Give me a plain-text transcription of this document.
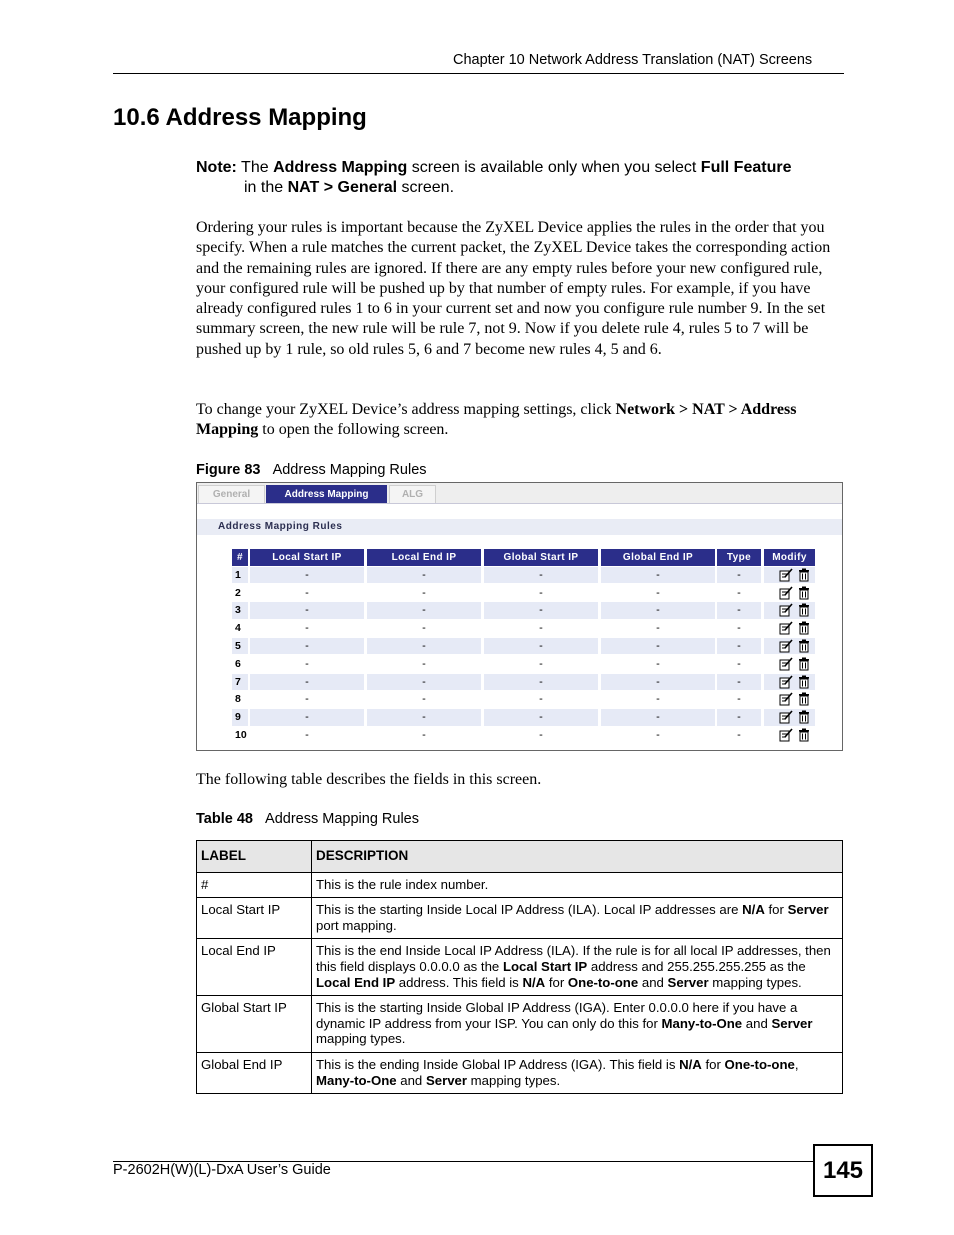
Chapter 10 Network Address Translation (NAT) Screens
10.6 Address Mapping
Note: The Address Mapping screen is available only when you select Full Feature
in the NAT > General screen.
Ordering your rules is important because the ZyXEL Device applies the rules in the order that you specify. When a rule matches the current packet, the ZyXEL Device takes the corresponding action and the remaining rules are ignored. If there are any empty rules before your new configured rule, your configured rule will be pushed up by that number of empty rules. For example, if you have already configured rules 1 to 6 in your current set and now you configure rule number 9. In the set summary screen, the new rule will be rule 7, not 9. Now if you delete rule 4, rules 5 to 7 will be pushed up by 1 rule, so old rules 5, 6 and 7 become new rules 4, 5 and 6.
To change your ZyXEL Device’s address mapping settings, click Network > NAT > Address Mapping to open the following screen.
Figure 83 Address Mapping Rules
General	Address Mapping	ALG
Address Mapping Rules
#	Local Start IP	Local End IP	Global Start IP	Global End IP	Type	Modify
1	-	-	-	-	-
2	-	-	-	-	-
3	-	-	-	-	-
4	-	-	-	-	-
5	-	-	-	-	-
6	-	-	-	-	-
7	-	-	-	-	-
8	-	-	-	-	-
9	-	-	-	-	-
10	-	-	-	-	-
The following table describes the fields in this screen.
Table 48 Address Mapping Rules
LABEL	DESCRIPTION
#	This is the rule index number.
Local Start IP	This is the starting Inside Local IP Address (ILA). Local IP addresses are N/A for Server port mapping.
Local End IP	This is the end Inside Local IP Address (ILA). If the rule is for all local IP addresses, then this field displays 0.0.0.0 as the Local Start IP address and 255.255.255.255 as the Local End IP address. This field is N/A for One-to-one and Server mapping types.
Global Start IP	This is the starting Inside Global IP Address (IGA). Enter 0.0.0.0 here if you have a dynamic IP address from your ISP. You can only do this for Many-to-One and Server mapping types.
Global End IP	This is the ending Inside Global IP Address (IGA). This field is N/A for One-to-one, Many-to-One and Server mapping types.
P-2602H(W)(L)-DxA User’s Guide	145
